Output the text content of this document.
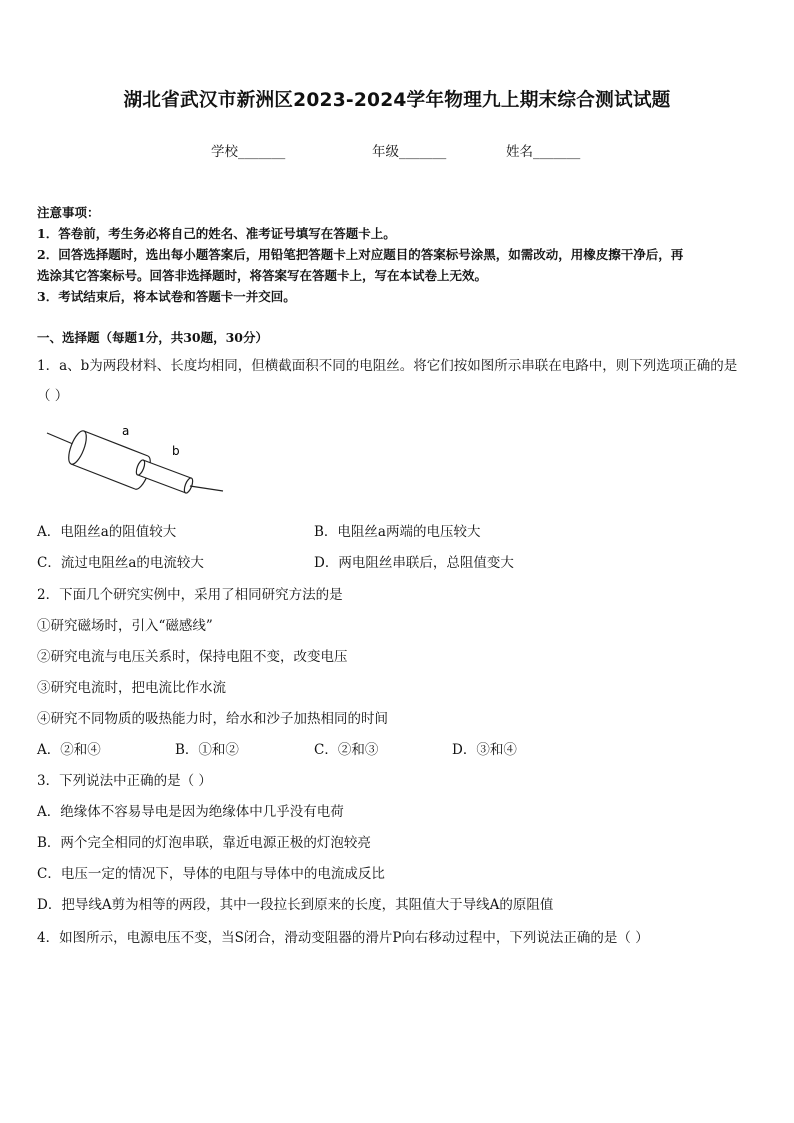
湖北省武汉市新洲区2023-2024学年物理九上期末综合测试试题
学校_______	年级_______	姓名_______
注意事项：
1．答卷前，考生务必将自己的姓名、准考证号填写在答题卡上。
2．回答选择题时，选出每小题答案后，用铅笔把答题卡上对应题目的答案标号涂黑，如需改动，用橡皮擦干净后，再
选涂其它答案标号。回答非选择题时，将答案写在答题卡上，写在本试卷上无效。
3．考试结束后，将本试卷和答题卡一并交回。
一、选择题（每题1分，共30题，30分）
1．a、b为两段材料、长度均相同，但横截面积不同的电阻丝。将它们按如图所示串联在电路中，则下列选项正确的是
（ ）
a
b
A．电阻丝a的阻值较大	B．电阻丝a两端的电压较大
C．流过电阻丝a的电流较大	D．两电阻丝串联后，总阻值变大
2．下面几个研究实例中，采用了相同研究方法的是
①研究磁场时，引入“磁感线”
②研究电流与电压关系时，保持电阻不变，改变电压
③研究电流时，把电流比作水流
④研究不同物质的吸热能力时，给水和沙子加热相同的时间
A．②和④	B．①和②	C．②和③	D．③和④
3．下列说法中正确的是（ ）
A．绝缘体不容易导电是因为绝缘体中几乎没有电荷
B．两个完全相同的灯泡串联，靠近电源正极的灯泡较亮
C．电压一定的情况下，导体的电阻与导体中的电流成反比
D．把导线A剪为相等的两段，其中一段拉长到原来的长度，其阻值大于导线A的原阻值
4．如图所示，电源电压不变，当S闭合，滑动变阻器的滑片P向右移动过程中，下列说法正确的是（ ）
